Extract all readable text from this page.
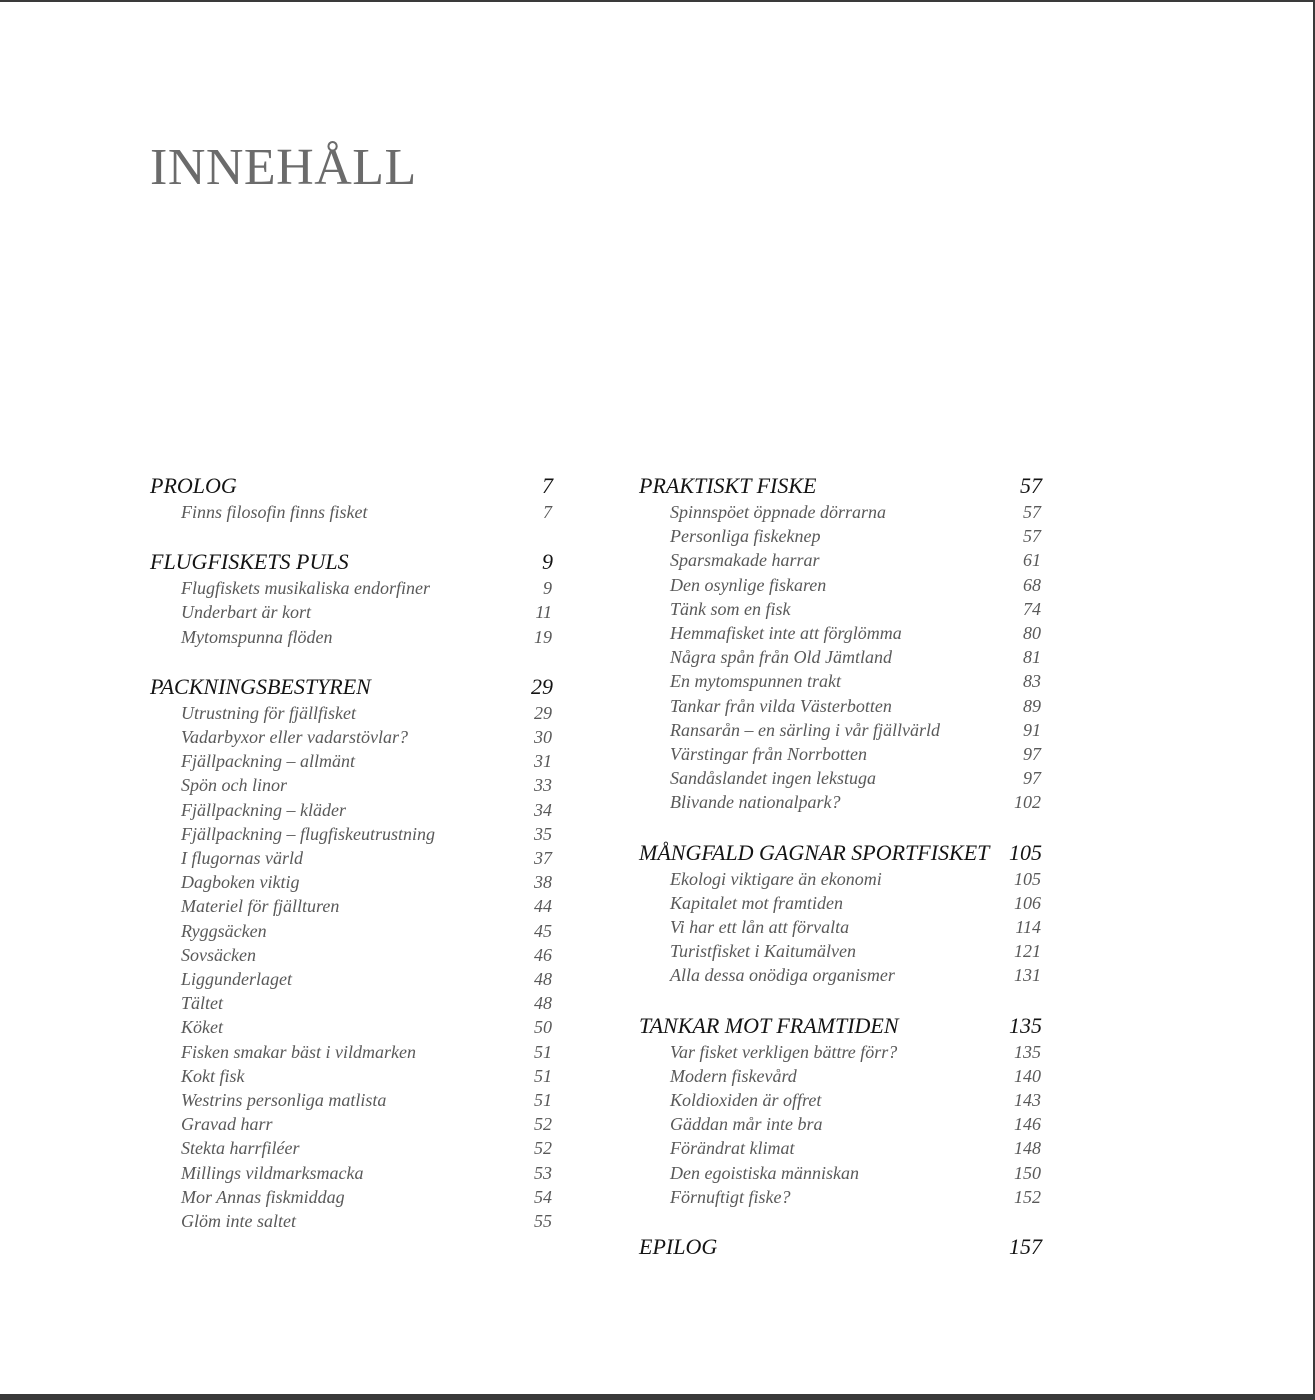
INNEHÅLL
PROLOG	7
Finns filosofin finns fisket	7
FLUGFISKETS PULS	9
Flugfiskets musikaliska endorfiner	9
Underbart är kort	11
Mytomspunna flöden	19
PACKNINGSBESTYREN	29
Utrustning för fjällfisket	29
Vadarbyxor eller vadarstövlar?	30
Fjällpackning – allmänt	31
Spön och linor	33
Fjällpackning – kläder	34
Fjällpackning – flugfiskeutrustning	35
I flugornas värld	37
Dagboken viktig	38
Materiel för fjällturen	44
Ryggsäcken	45
Sovsäcken	46
Liggunderlaget	48
Tältet	48
Köket	50
Fisken smakar bäst i vildmarken	51
Kokt fisk	51
Westrins personliga matlista	51
Gravad harr	52
Stekta harrfiléer	52
Millings vildmarksmacka	53
Mor Annas fiskmiddag	54
Glöm inte saltet	55
PRAKTISKT FISKE	57
Spinnspöet öppnade dörrarna	57
Personliga fiskeknep	57
Sparsmakade harrar	61
Den osynlige fiskaren	68
Tänk som en fisk	74
Hemmafisket inte att förglömma	80
Några spån från Old Jämtland	81
En mytomspunnen trakt	83
Tankar från vilda Västerbotten	89
Ransarån – en särling i vår fjällvärld	91
Värstingar från Norrbotten	97
Sandåslandet ingen lekstuga	97
Blivande nationalpark?	102
MÅNGFALD GAGNAR SPORTFISKET 105
Ekologi viktigare än ekonomi	105
Kapitalet mot framtiden	106
Vi har ett lån att förvalta	114
Turistfisket i Kaitumälven	121
Alla dessa onödiga organismer	131
TANKAR MOT FRAMTIDEN	135
Var fisket verkligen bättre förr?	135
Modern fiskevård	140
Koldioxiden är offret	143
Gäddan mår inte bra	146
Förändrat klimat	148
Den egoistiska människan	150
Förnuftigt fiske?	152
EPILOG	157
